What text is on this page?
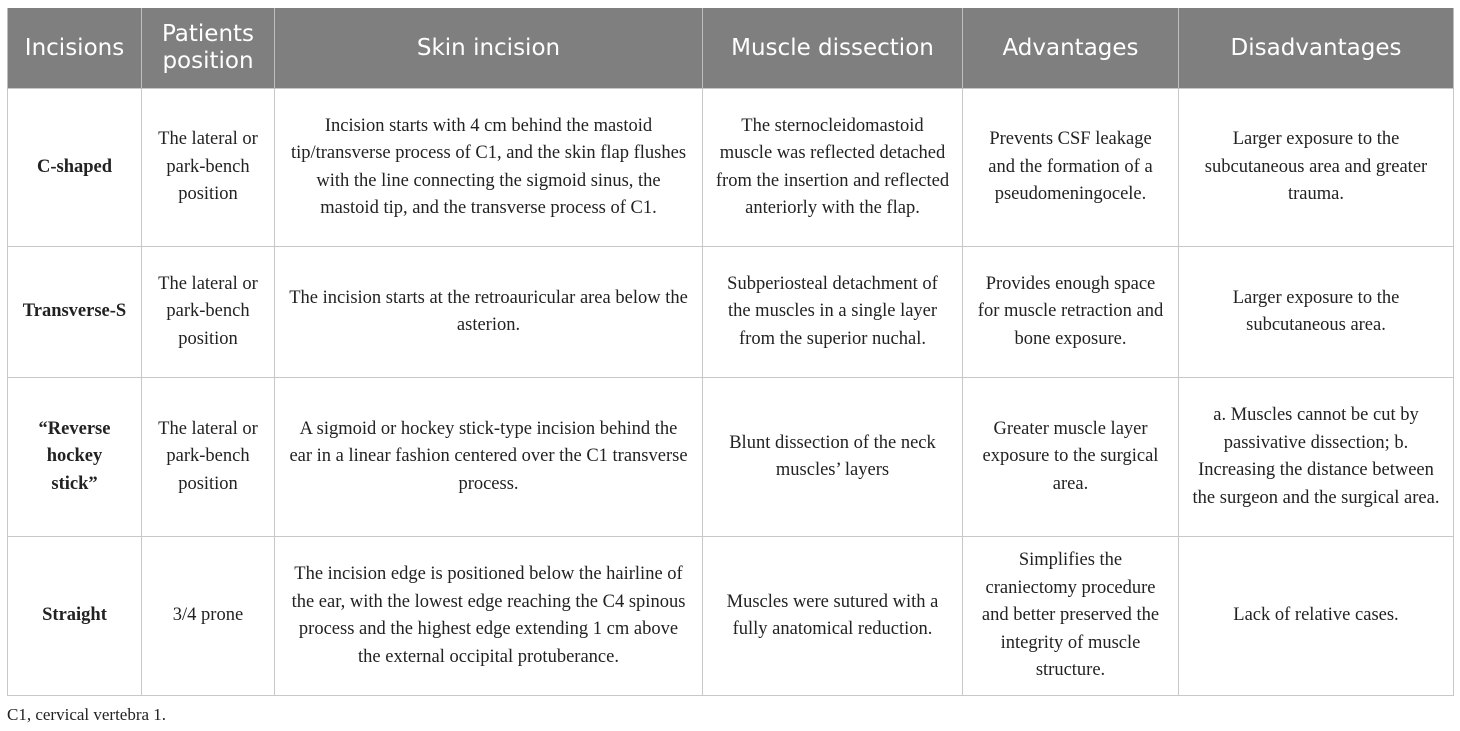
Incisions	Patients position	Skin incision	Muscle dissection	Advantages	Disadvantages
C-shaped	The lateral or park-bench position	Incision starts with 4 cm behind the mastoid tip/transverse process of C1, and the skin flap flushes with the line connecting the sigmoid sinus, the mastoid tip, and the transverse process of C1.	The sternocleidomastoid muscle was reflected detached from the insertion and reflected anteriorly with the flap.	Prevents CSF leakage and the formation of a pseudomeningocele.	Larger exposure to the subcutaneous area and greater trauma.
Transverse-S	The lateral or park-bench position	The incision starts at the retroauricular area below the asterion.	Subperiosteal detachment of the muscles in a single layer from the superior nuchal.	Provides enough space for muscle retraction and bone exposure.	Larger exposure to the subcutaneous area.
“Reverse hockey stick”	The lateral or park-bench position	A sigmoid or hockey stick-type incision behind the ear in a linear fashion centered over the C1 transverse process.	Blunt dissection of the neck muscles’ layers	Greater muscle layer exposure to the surgical area.	a. Muscles cannot be cut by passivative dissection; b. Increasing the distance between the surgeon and the surgical area.
Straight	3/4 prone	The incision edge is positioned below the hairline of the ear, with the lowest edge reaching the C4 spinous process and the highest edge extending 1 cm above the external occipital protuberance.	Muscles were sutured with a fully anatomical reduction.	Simplifies the craniectomy procedure and better preserved the integrity of muscle structure.	Lack of relative cases.
C1, cervical vertebra 1.
